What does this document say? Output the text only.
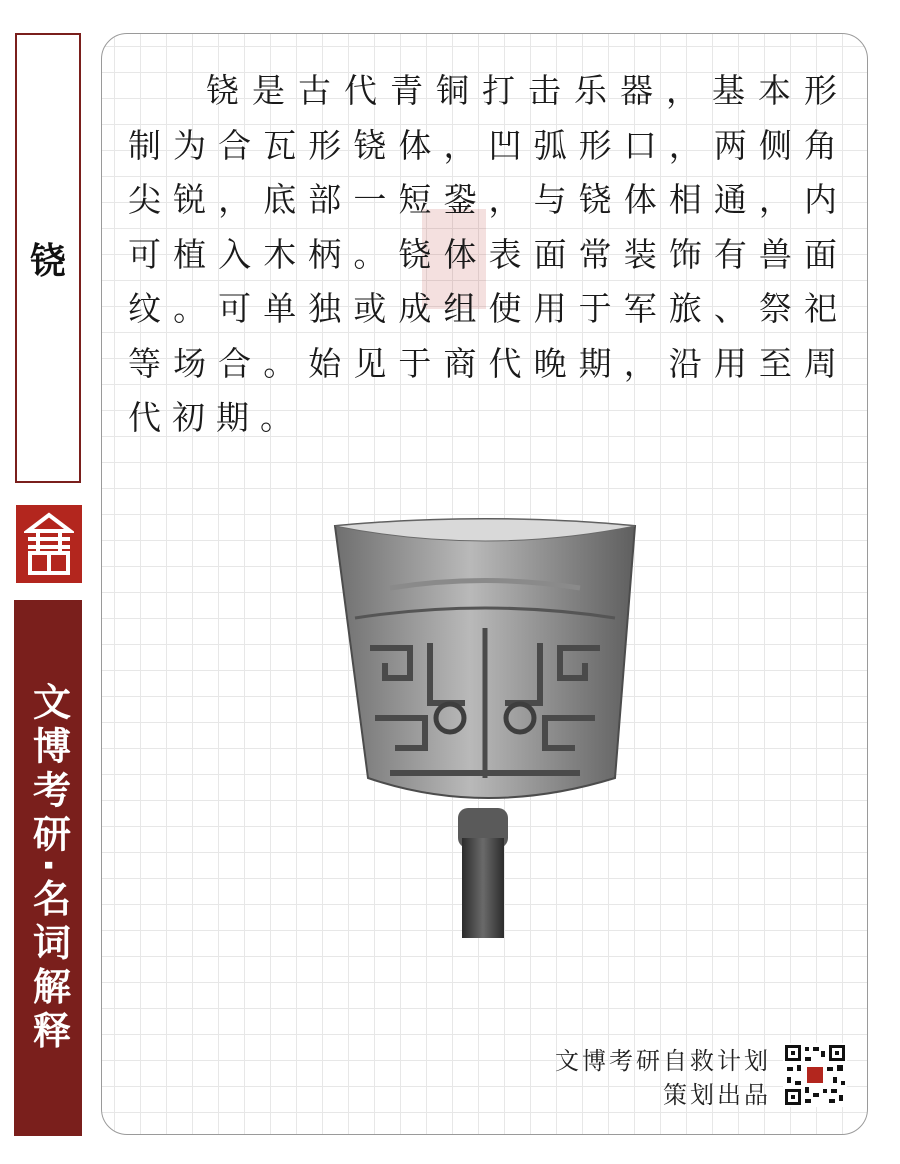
铙
文博考研·名词解释

铙是古代青铜打击乐器，基本形制为合瓦形铙体，凹弧形口，两侧角尖锐，底部一短銎，与铙体相通，内可植入木柄。铙体表面常装饰有兽面纹。可单独或成组使用于军旅、祭祀等场合。始见于商代晚期，沿用至周代初期。

文博考研自救计划
策划出品
